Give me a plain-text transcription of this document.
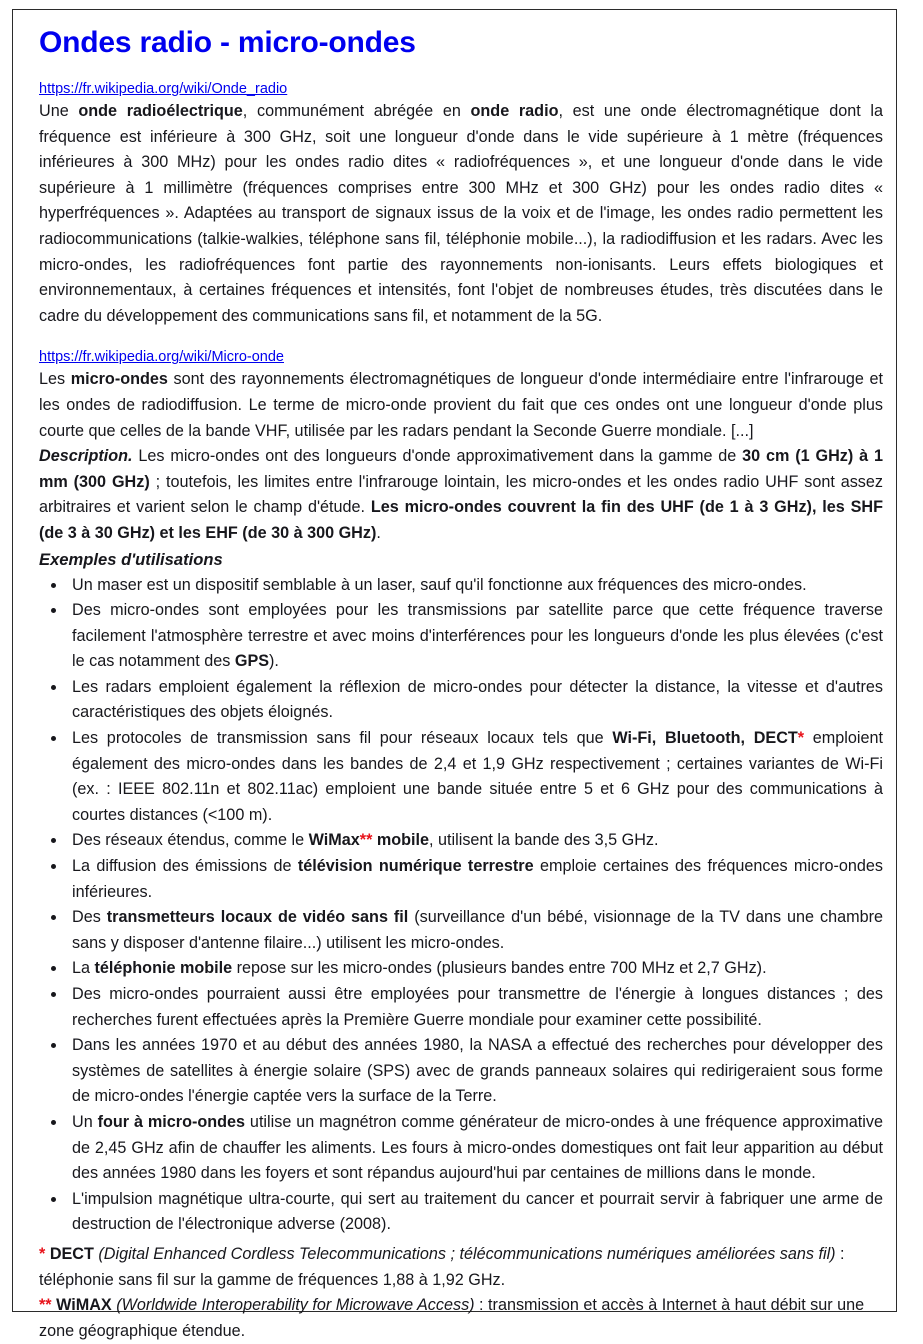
Ondes radio - micro-ondes
https://fr.wikipedia.org/wiki/Onde_radio

Une onde radioélectrique, communément abrégée en onde radio, est une onde électromagnétique dont la fréquence est inférieure à 300 GHz, soit une longueur d'onde dans le vide supérieure à 1 mètre (fréquences inférieures à 300 MHz) pour les ondes radio dites « radiofréquences », et une longueur d'onde dans le vide supérieure à 1 millimètre (fréquences comprises entre 300 MHz et 300 GHz) pour les ondes radio dites « hyperfréquences ». Adaptées au transport de signaux issus de la voix et de l'image, les ondes radio permettent les radiocommunications (talkie-walkies, téléphone sans fil, téléphonie mobile...), la radiodiffusion et les radars. Avec les micro-ondes, les radiofréquences font partie des rayonnements non-ionisants. Leurs effets biologiques et environnementaux, à certaines fréquences et intensités, font l'objet de nombreuses études, très discutées dans le cadre du développement des communications sans fil, et notamment de la 5G.

https://fr.wikipedia.org/wiki/Micro-onde

Les micro-ondes sont des rayonnements électromagnétiques de longueur d'onde intermédiaire entre l'infrarouge et les ondes de radiodiffusion. Le terme de micro-onde provient du fait que ces ondes ont une longueur d'onde plus courte que celles de la bande VHF, utilisée par les radars pendant la Seconde Guerre mondiale. [...]

Description. Les micro-ondes ont des longueurs d'onde approximativement dans la gamme de 30 cm (1 GHz) à 1 mm (300 GHz) ; toutefois, les limites entre l'infrarouge lointain, les micro-ondes et les ondes radio UHF sont assez arbitraires et varient selon le champ d'étude. Les micro-ondes couvrent la fin des UHF (de 1 à 3 GHz), les SHF (de 3 à 30 GHz) et les EHF (de 30 à 300 GHz).

Exemples d'utilisations
Un maser est un dispositif semblable à un laser, sauf qu'il fonctionne aux fréquences des micro-ondes.
Des micro-ondes sont employées pour les transmissions par satellite parce que cette fréquence traverse facilement l'atmosphère terrestre et avec moins d'interférences pour les longueurs d'onde les plus élevées (c'est le cas notamment des GPS).
Les radars emploient également la réflexion de micro-ondes pour détecter la distance, la vitesse et d'autres caractéristiques des objets éloignés.
Les protocoles de transmission sans fil pour réseaux locaux tels que Wi-Fi, Bluetooth, DECT* emploient également des micro-ondes dans les bandes de 2,4 et 1,9 GHz respectivement ; certaines variantes de Wi-Fi (ex. : IEEE 802.11n et 802.11ac) emploient une bande située entre 5 et 6 GHz pour des communications à courtes distances (<100 m).
Des réseaux étendus, comme le WiMax** mobile, utilisent la bande des 3,5 GHz.
La diffusion des émissions de télévision numérique terrestre emploie certaines des fréquences micro-ondes inférieures.
Des transmetteurs locaux de vidéo sans fil (surveillance d'un bébé, visionnage de la TV dans une chambre sans y disposer d'antenne filaire...) utilisent les micro-ondes.
La téléphonie mobile repose sur les micro-ondes (plusieurs bandes entre 700 MHz et 2,7 GHz).
Des micro-ondes pourraient aussi être employées pour transmettre de l'énergie à longues distances ; des recherches furent effectuées après la Première Guerre mondiale pour examiner cette possibilité.
Dans les années 1970 et au début des années 1980, la NASA a effectué des recherches pour développer des systèmes de satellites à énergie solaire (SPS) avec de grands panneaux solaires qui redirigeraient sous forme de micro-ondes l'énergie captée vers la surface de la Terre.
Un four à micro-ondes utilise un magnétron comme générateur de micro-ondes à une fréquence approximative de 2,45 GHz afin de chauffer les aliments. Les fours à micro-ondes domestiques ont fait leur apparition au début des années 1980 dans les foyers et sont répandus aujourd'hui par centaines de millions dans le monde.
L'impulsion magnétique ultra-courte, qui sert au traitement du cancer et pourrait servir à fabriquer une arme de destruction de l'électronique adverse (2008).

* DECT (Digital Enhanced Cordless Telecommunications ; télécommunications numériques améliorées sans fil) : téléphonie sans fil sur la gamme de fréquences 1,88 à 1,92 GHz.

** WiMAX (Worldwide Interoperability for Microwave Access) : transmission et accès à Internet à haut débit sur une zone géographique étendue.
